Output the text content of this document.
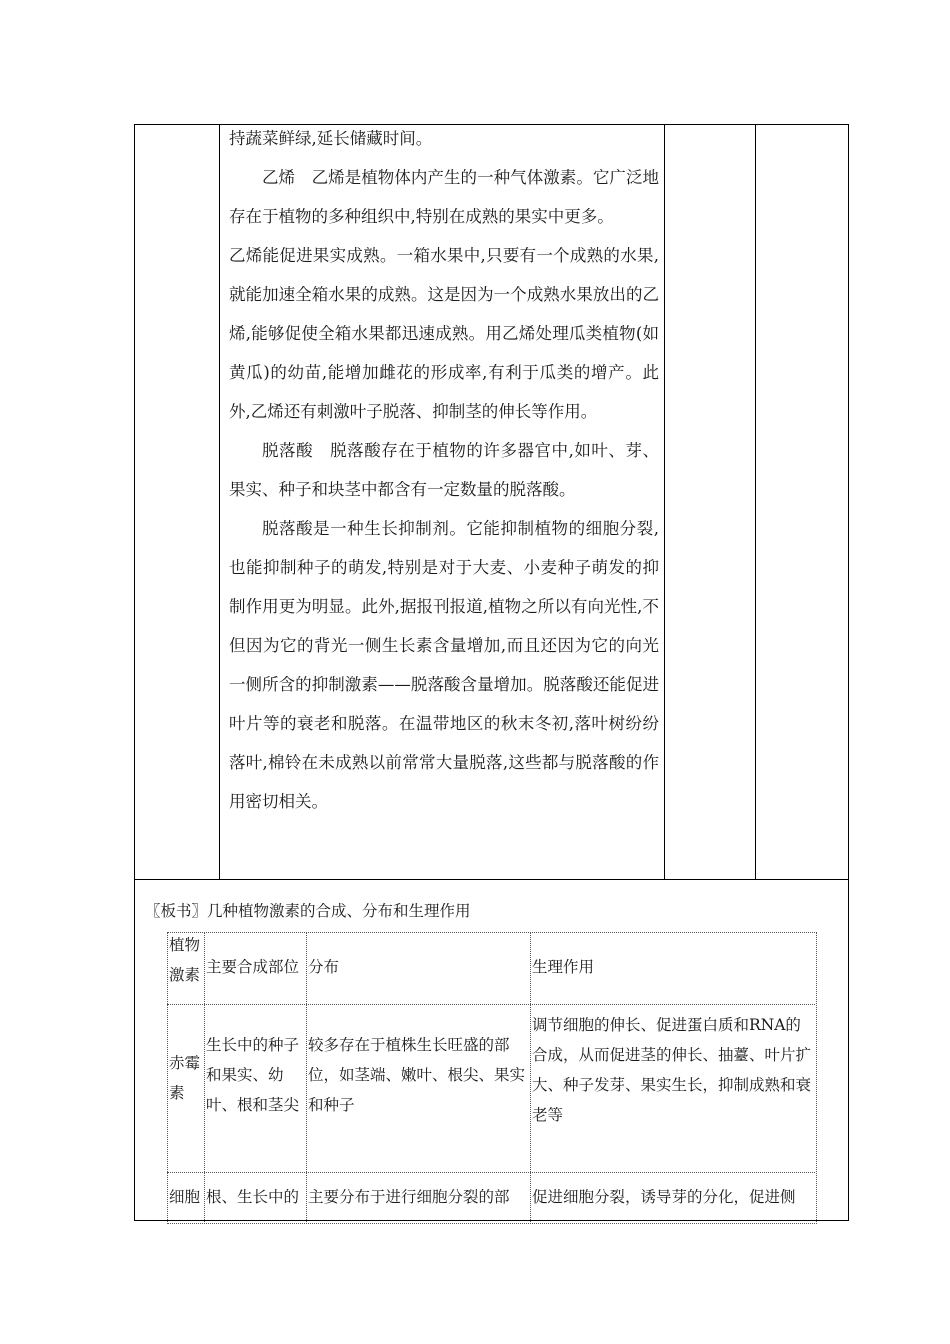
持蔬菜鲜绿,延长储藏时间。

乙烯　乙烯是植物体内产生的一种气体激素。它广泛地存在于植物的多种组织中,特别在成熟的果实中更多。

乙烯能促进果实成熟。一箱水果中,只要有一个成熟的水果,就能加速全箱水果的成熟。这是因为一个成熟水果放出的乙烯,能够促使全箱水果都迅速成熟。用乙烯处理瓜类植物(如黄瓜)的幼苗,能增加雌花的形成率,有利于瓜类的增产。此外,乙烯还有刺激叶子脱落、抑制茎的伸长等作用。

脱落酸　脱落酸存在于植物的许多器官中,如叶、芽、果实、种子和块茎中都含有一定数量的脱落酸。

脱落酸是一种生长抑制剂。它能抑制植物的细胞分裂,也能抑制种子的萌发,特别是对于大麦、小麦种子萌发的抑制作用更为明显。此外,据报刊报道,植物之所以有向光性,不但因为它的背光一侧生长素含量增加,而且还因为它的向光一侧所含的抑制激素——脱落酸含量增加。脱落酸还能促进叶片等的衰老和脱落。在温带地区的秋末冬初,落叶树纷纷落叶,棉铃在未成熟以前常常大量脱落,这些都与脱落酸的作用密切相关。

〖板书〗几种植物激素的合成、分布和生理作用
植物激素 主要合成部位 分布	生理作用
赤霉素
生长中的种子和果实、幼叶、根和茎尖
较多存在于植株生长旺盛的部位，如茎端、嫩叶、根尖、果实和种子
调节细胞的伸长、促进蛋白质和RNA的合成，从而促进茎的伸长、抽薹、叶片扩大、种子发芽、果实生长，抑制成熟和衰老等
细胞 根、生长中的 主要分布于进行细胞分裂的部	促进细胞分裂，诱导芽的分化，促进侧
